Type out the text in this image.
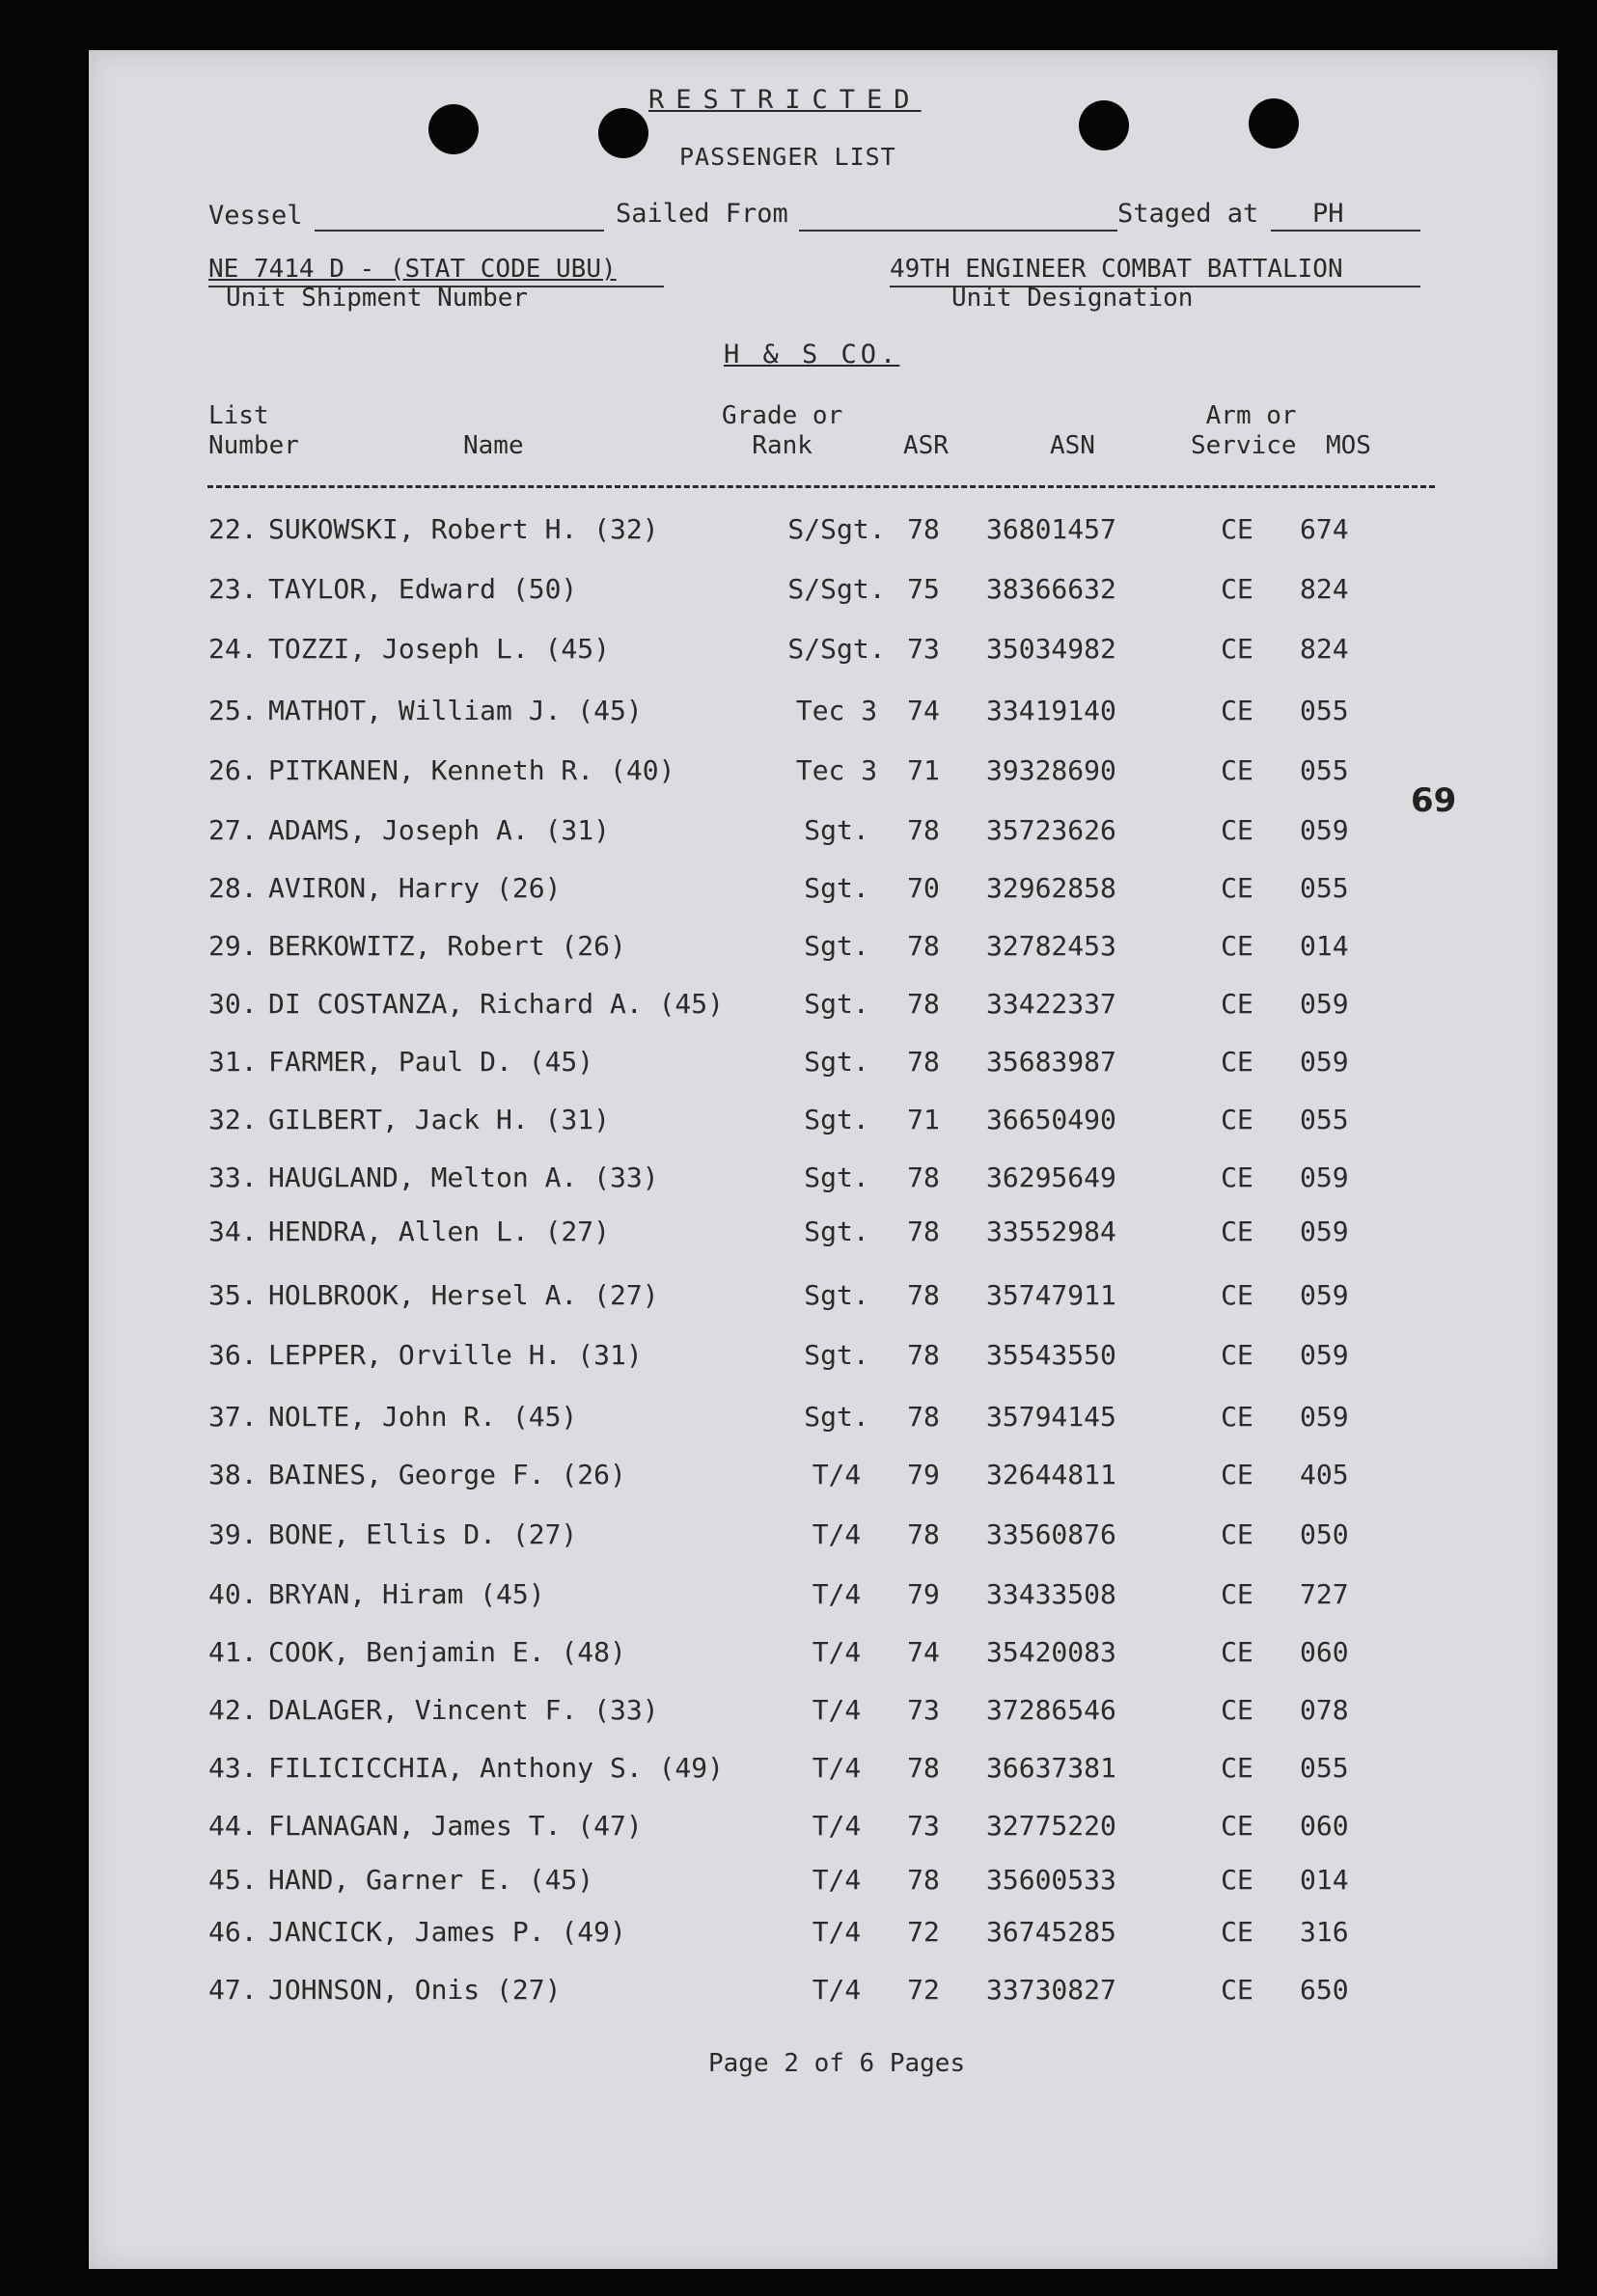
RESTRICTED
PASSENGER LIST
Vessel	Sailed From	Staged at PH
NE 7414 D - (STAT CODE UBU)
Unit Shipment Number
49TH ENGINEER COMBAT BATTALION
Unit Designation
H & S CO.
List
Number	Name
Grade or
Rank	ASR	ASN
Arm or
Service MOS
22. SUKOWSKI, Robert H. (32)	S/Sgt. 78	36801457	CE	674
23. TAYLOR, Edward (50)	S/Sgt. 75	38366632	CE	824
24. TOZZI, Joseph L. (45)	S/Sgt. 73	35034982	CE	824
25. MATHOT, William J. (45)	Tec 3	74	33419140	CE	055
26. PITKANEN, Kenneth R. (40)	Tec 3	71	39328690	CE	055
27. ADAMS, Joseph A. (31)	Sgt.	78	35723626	CE	059
28. AVIRON, Harry (26)	Sgt.	70	32962858	CE	055
29. BERKOWITZ, Robert (26)	Sgt.	78	32782453	CE	014
30. DI COSTANZA, Richard A. (45)	Sgt.	78	33422337	CE	059
31. FARMER, Paul D. (45)	Sgt.	78	35683987	CE	059
32. GILBERT, Jack H. (31)	Sgt.	71	36650490	CE	055
33. HAUGLAND, Melton A. (33)	Sgt.	78	36295649	CE	059
34. HENDRA, Allen L. (27)	Sgt.	78	33552984	CE	059
35. HOLBROOK, Hersel A. (27)	Sgt.	78	35747911	CE	059
36. LEPPER, Orville H. (31)	Sgt.	78	35543550	CE	059
37. NOLTE, John R. (45)	Sgt.	78	35794145	CE	059
38. BAINES, George F. (26)	T/4	79	32644811	CE	405
39. BONE, Ellis D. (27)	T/4	78	33560876	CE	050
40. BRYAN, Hiram (45)	T/4	79	33433508	CE	727
41. COOK, Benjamin E. (48)	T/4	74	35420083	CE	060
42. DALAGER, Vincent F. (33)	T/4	73	37286546	CE	078
43. FILICICCHIA, Anthony S. (49)	T/4	78	36637381	CE	055
44. FLANAGAN, James T. (47)	T/4	73	32775220	CE	060
45. HAND, Garner E. (45)	T/4	78	35600533	CE	014
46. JANCICK, James P. (49)	T/4	72	36745285	CE	316
47. JOHNSON, Onis (27)	T/4	72	33730827	CE	650
69
Page 2 of 6 Pages
